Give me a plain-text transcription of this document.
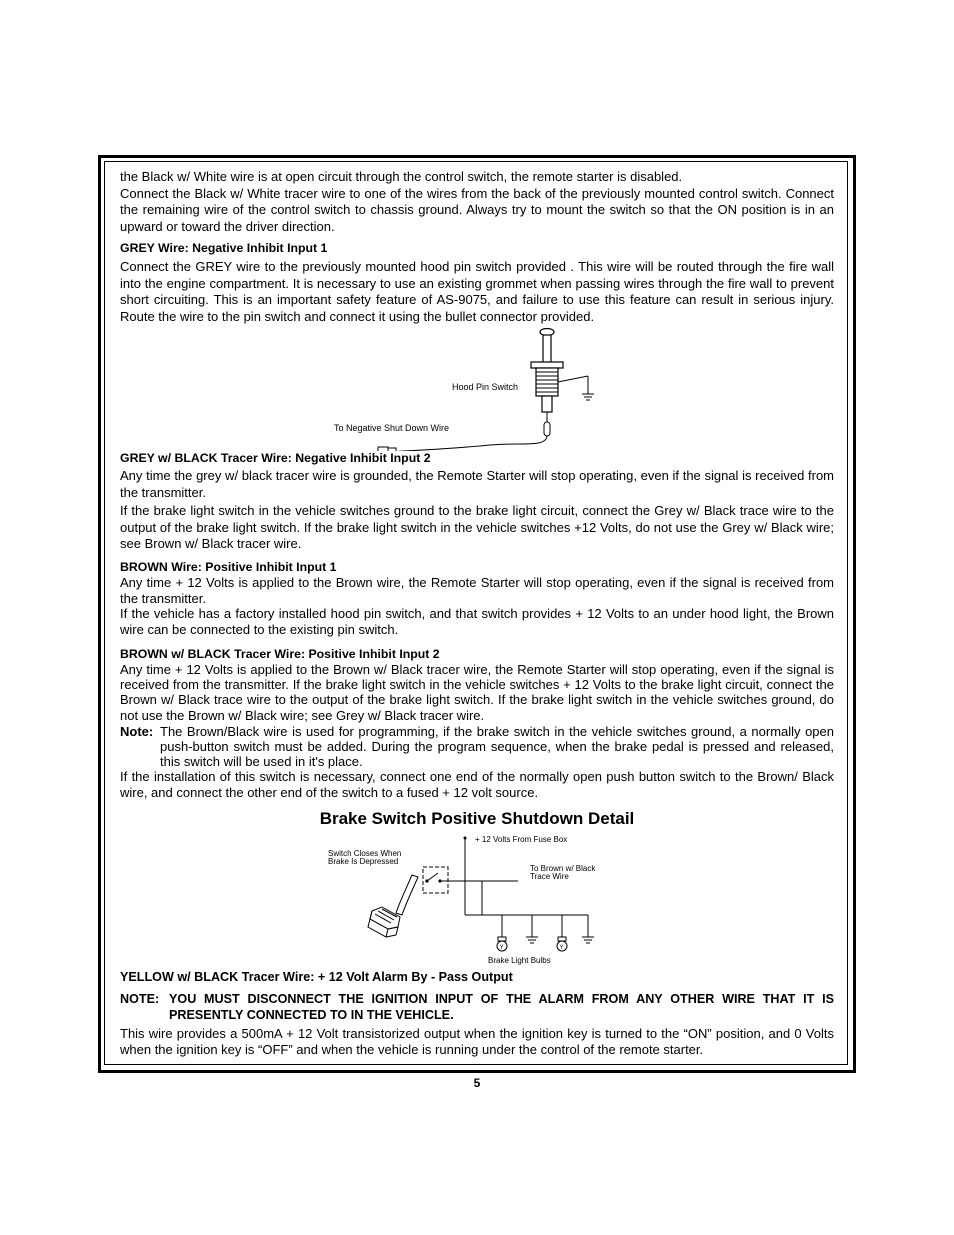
the Black w/ White wire is at open circuit through the control switch, the remote starter is disabled.

Connect the Black w/ White tracer wire to one of the wires from the back of the previously mounted control switch. Connect the remaining wire of the control switch to chassis ground. Always try to mount the switch so that the ON position is in an upward or toward the driver direction.

GREY Wire: Negative Inhibit Input 1

Connect the GREY wire to the previously mounted hood pin switch provided . This wire will be routed through the fire wall into the engine compartment. It is necessary to use an existing grommet when passing wires through the fire wall to prevent short circuiting. This is an important safety feature of AS-9075, and failure to use this feature can result in serious injury. Route the wire to the pin switch and connect it using the bullet connector provided.

Hood Pin Switch
To Negative Shut Down Wire
GREY w/ BLACK Tracer Wire: Negative Inhibit Input 2

Any time the grey w/ black tracer wire is grounded, the Remote Starter will stop operating, even if the signal is received from the transmitter.

If the brake light switch in the vehicle switches ground to the brake light circuit, connect the Grey w/ Black trace wire to the output of the brake light switch. If the brake light switch in the vehicle switches +12 Volts, do not use the Grey w/ Black wire; see Brown w/ Black tracer wire.

BROWN Wire: Positive Inhibit Input 1

Any time + 12 Volts is applied to the Brown wire, the Remote Starter will stop operating, even if the signal is received from the transmitter.

If the vehicle has a factory installed hood pin switch, and that switch provides + 12 Volts to an under hood light, the Brown wire can be connected to the existing pin switch.

BROWN w/ BLACK Tracer Wire: Positive Inhibit Input 2

Any time + 12 Volts is applied to the Brown w/ Black tracer wire, the Remote Starter will stop operating, even if the signal is received from the transmitter. If the brake light switch in the vehicle switches + 12 Volts to the brake light circuit, connect the Brown w/ Black trace wire to the output of the brake light switch. If the brake light switch in the vehicle switches ground, do not use the Brown w/ Black wire; see Grey w/ Black tracer wire.

Note: The Brown/Black wire is used for programming, if the brake switch in the vehicle switches ground, a normally open push-button switch must be added. During the program sequence, when the brake pedal is pressed and released, this switch will be used in it's place.

If the installation of this switch is necessary, connect one end of the normally open push button switch to the Brown/ Black wire, and connect the other end of the switch to a fused + 12 volt source.

Brake Switch Positive Shutdown Detail
+ 12 Volts From Fuse Box
Switch Closes When
Brake Is Depressed
To Brown w/ Black
Trace Wire
Y	Y
Brake Light Bulbs
YELLOW w/ BLACK Tracer Wire: + 12 Volt Alarm By - Pass Output

NOTE: YOU MUST DISCONNECT THE IGNITION INPUT OF THE ALARM FROM ANY OTHER WIRE THAT IT IS PRESENTLY CONNECTED TO IN THE VEHICLE.

This wire provides a 500mA + 12 Volt transistorized output when the ignition key is turned to the “ON” position, and 0 Volts when the ignition key is “OFF” and when the vehicle is running under the control of the remote starter.

5
